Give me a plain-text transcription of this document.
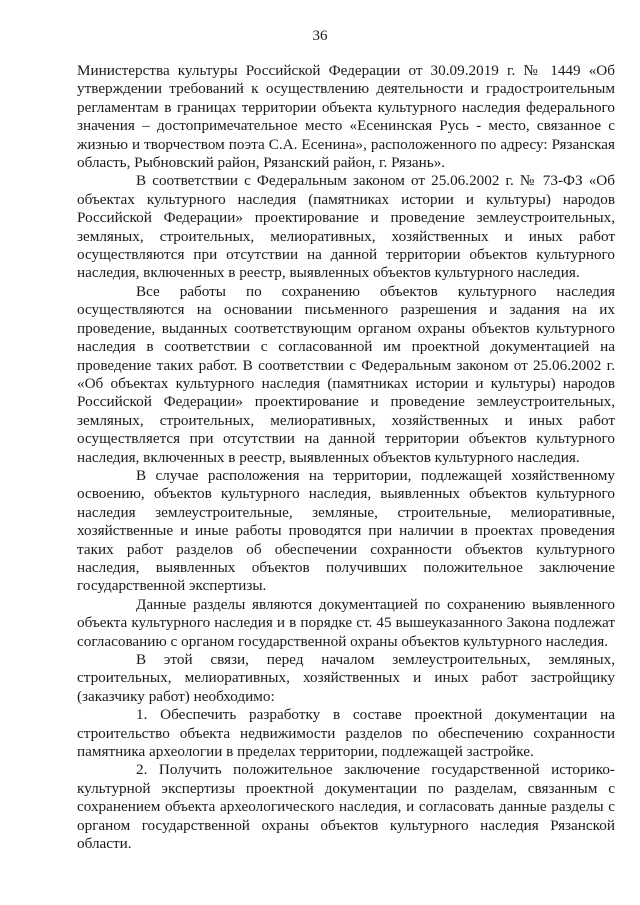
36

Министерства культуры Российской Федерации от 30.09.2019 г. № 1449 «Об утверждении требований к осуществлению деятельности и градостроительным регламентам в границах территории объекта культурного наследия федерального значения – достопримечательное место «Есенинская Русь - место, связанное с жизнью и творчеством поэта С.А. Есенина», расположенного по адресу: Рязанская область, Рыбновский район, Рязанский район, г. Рязань».

В соответствии с Федеральным законом от 25.06.2002 г. № 73-ФЗ «Об объектах культурного наследия (памятниках истории и культуры) народов Российской Федерации» проектирование и проведение землеустроительных, земляных, строительных, мелиоративных, хозяйственных и иных работ осуществляются при отсутствии на данной территории объектов культурного наследия, включенных в реестр, выявленных объектов культурного наследия.

Все работы по сохранению объектов культурного наследия осуществляются на основании письменного разрешения и задания на их проведение, выданных соответствующим органом охраны объектов культурного наследия в соответствии с согласованной им проектной документацией на проведение таких работ. В соответствии с Федеральным законом от 25.06.2002 г. «Об объектах культурного наследия (памятниках истории и культуры) народов Российской Федерации» проектирование и проведение землеустроительных, земляных, строительных, мелиоративных, хозяйственных и иных работ осуществляется при отсутствии на данной территории объектов культурного наследия, включенных в реестр, выявленных объектов культурного наследия.

В случае расположения на территории, подлежащей хозяйственному освоению, объектов культурного наследия, выявленных объектов культурного наследия землеустроительные, земляные, строительные, мелиоративные, хозяйственные и иные работы проводятся при наличии в проектах проведения таких работ разделов об обеспечении сохранности объектов культурного наследия, выявленных объектов получивших положительное заключение государственной экспертизы.

Данные разделы являются документацией по сохранению выявленного объекта культурного наследия и в порядке ст. 45 вышеуказанного Закона подлежат согласованию с органом государственной охраны объектов культурного наследия.

В этой связи, перед началом землеустроительных, земляных, строительных, мелиоративных, хозяйственных и иных работ застройщику (заказчику работ) необходимо:

1. Обеспечить разработку в составе проектной документации на строительство объекта недвижимости разделов по обеспечению сохранности памятника археологии в пределах территории, подлежащей застройке.

2. Получить положительное заключение государственной историко-культурной экспертизы проектной документации по разделам, связанным с сохранением объекта археологического наследия, и согласовать данные разделы с органом государственной охраны объектов культурного наследия Рязанской области.
